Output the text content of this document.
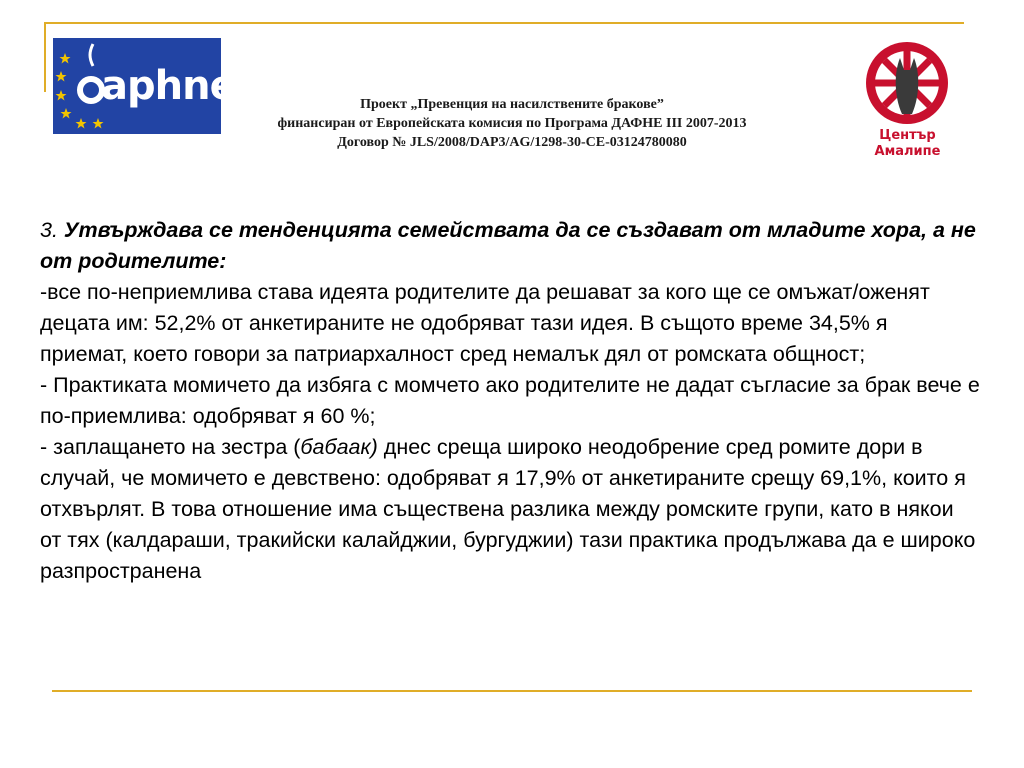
aphne	Проект „Превенция на насилствените бракове”
финансиран от Европейската комисия по Програма ДАФНЕ III 2007-2013
Договор № JLS/2008/DAP3/AG/1298-30-CE-03124780080	Център Амалипе

3. Утвърждава се тенденцията семействата да се създават от младите хора, а не от родителите:

-все по-неприемлива става идеята родителите да решават за кого ще се омъжат/оженят децата им: 52,2% от анкетираните не одобряват тази идея. В същото време 34,5% я приемат, което говори за патриархалност сред немалък дял от ромската общност;

- Практиката момичето да избяга с момчето ако родителите не дадат съгласие за брак вече е по-приемлива: одобряват я 60 %;

- заплащането на зестра (бабаак) днес среща широко неодобрение сред ромите дори в случай, че момичето е девствено: одобряват я 17,9% от анкетираните срещу 69,1%, които я отхвърлят. В това отношение има съществена разлика между ромските групи, като в някои от тях (калдараши, тракийски калайджии, бургуджии) тази практика продължава да е широко разпространена
